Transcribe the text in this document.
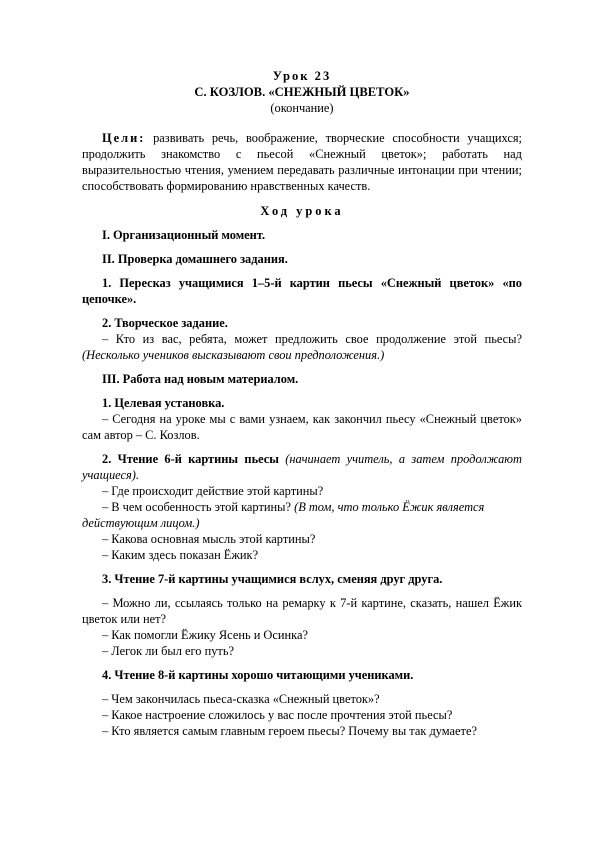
Урок 23
С. КОЗЛОВ. «СНЕЖНЫЙ ЦВЕТОК»
(окончание)

Цели: развивать речь, воображение, творческие способности учащихся; продолжить знакомство с пьесой «Снежный цветок»; работать над выразительностью чтения, умением передавать различные интонации при чтении; способствовать формированию нравственных качеств.

Ход урока

I. Организационный момент.

II. Проверка домашнего задания.

1. Пересказ учащимися 1–5-й картин пьесы «Снежный цветок» «по цепочке».

2. Творческое задание.

– Кто из вас, ребята, может предложить свое продолжение этой пьесы? (Несколько учеников высказывают свои предположения.)

III. Работа над новым материалом.

1. Целевая установка.

– Сегодня на уроке мы с вами узнаем, как закончил пьесу «Снежный цветок» сам автор – С. Козлов.

2. Чтение 6-й картины пьесы (начинает учитель, а затем продолжают учащиеся).

– Где происходит действие этой картины?

– В чем особенность этой картины? (В том, что только Ёжик является действующим лицом.)

– Какова основная мысль этой картины?

– Каким здесь показан Ёжик?

3. Чтение 7-й картины учащимися вслух, сменяя друг друга.

– Можно ли, ссылаясь только на ремарку к 7-й картине, сказать, нашел Ёжик цветок или нет?

– Как помогли Ёжику Ясень и Осинка?

– Легок ли был его путь?

4. Чтение 8-й картины хорошо читающими учениками.

– Чем закончилась пьеса-сказка «Снежный цветок»?

– Какое настроение сложилось у вас после прочтения этой пьесы?

– Кто является самым главным героем пьесы? Почему вы так думаете?
